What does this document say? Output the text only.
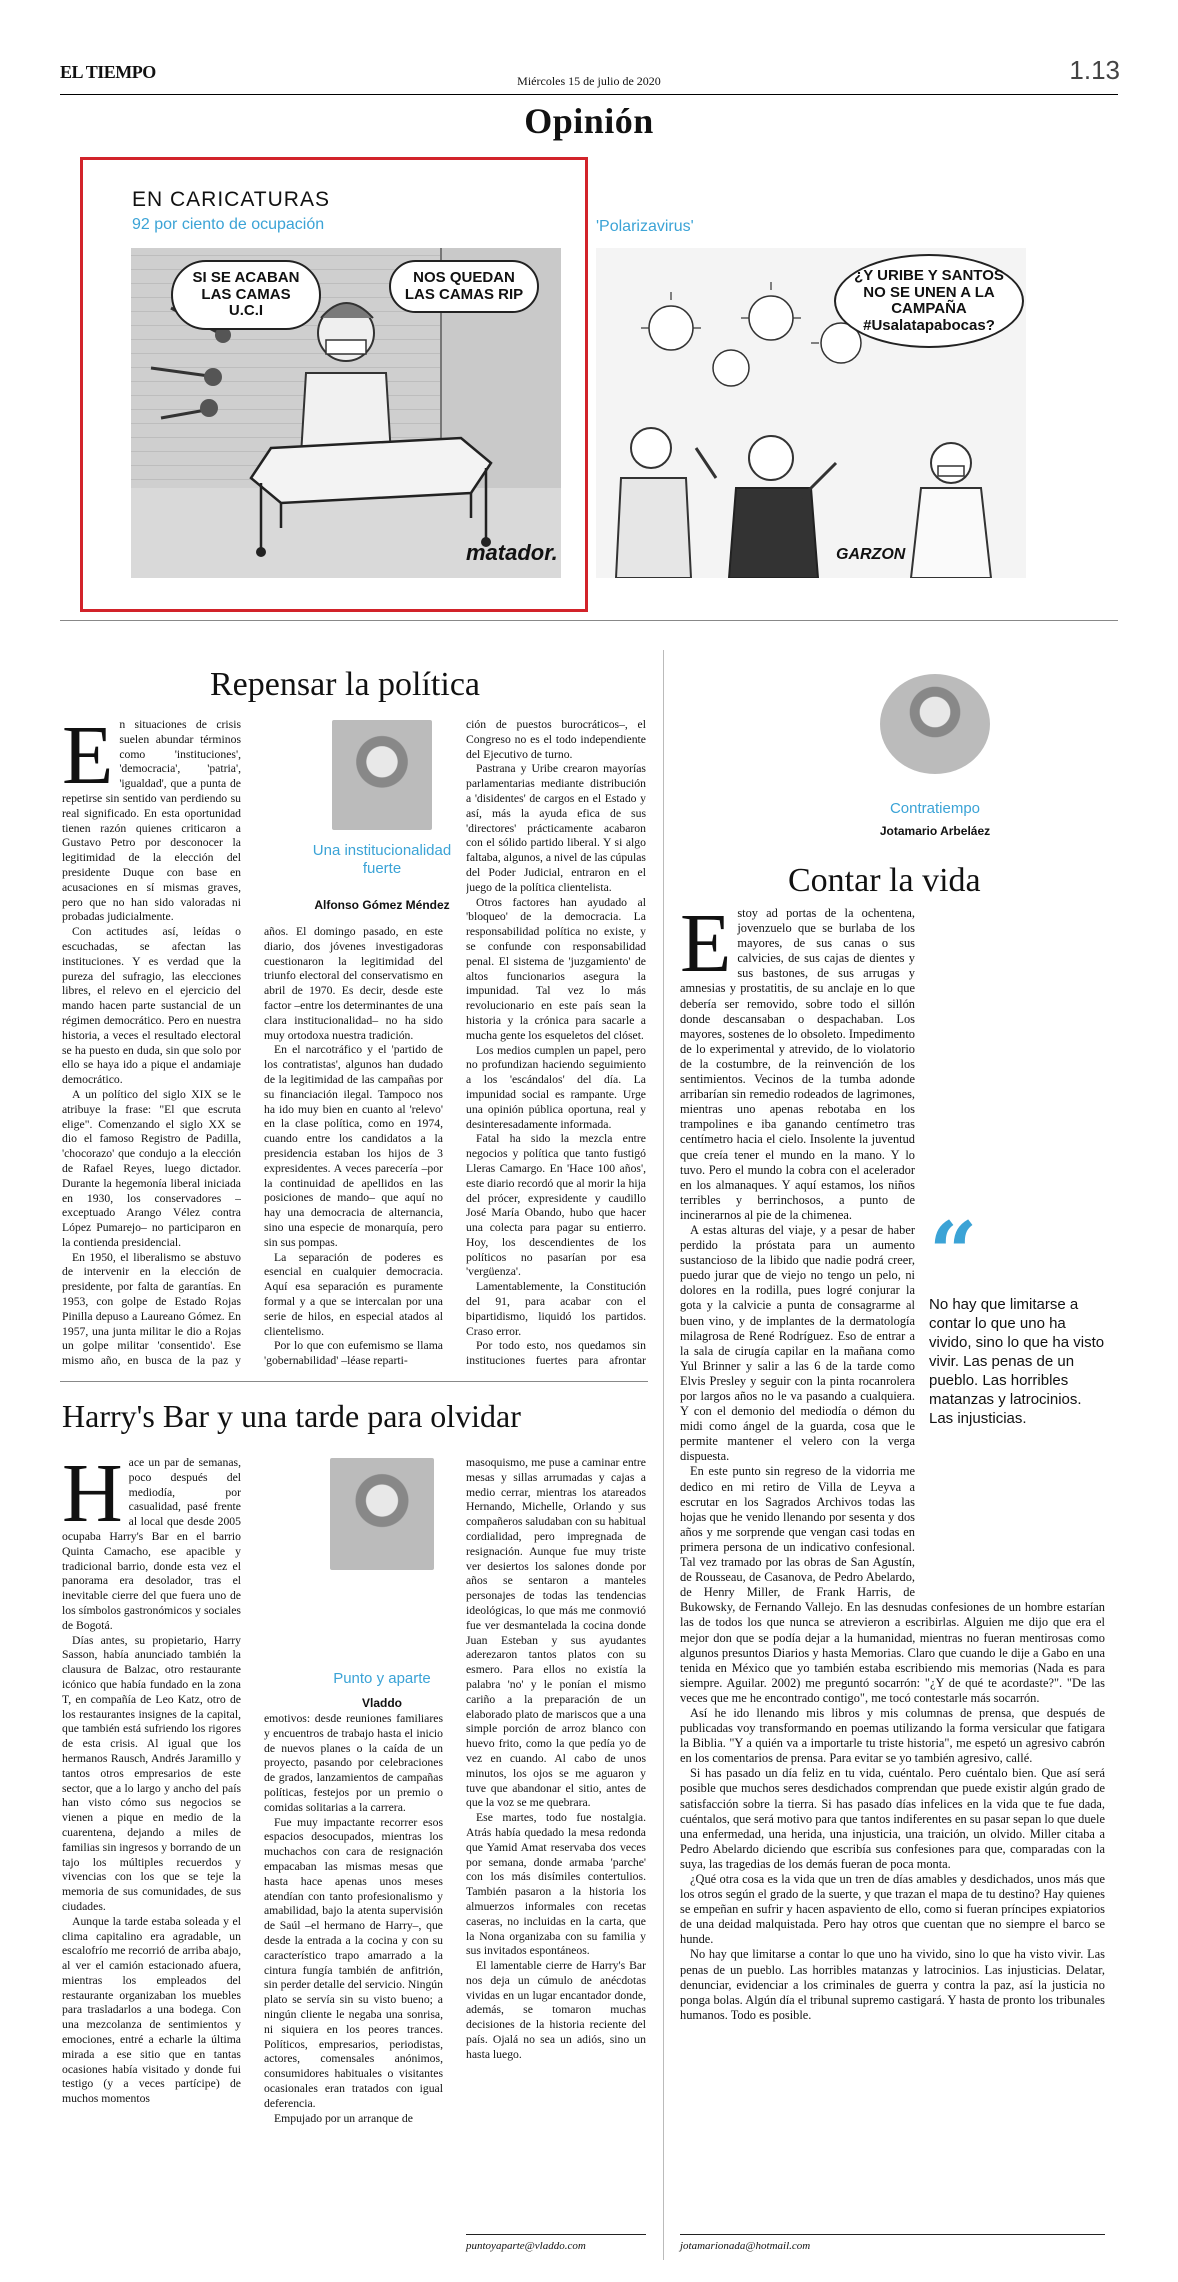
EL TIEMPO	Miércoles 15 de julio de 2020	1.13
Opinión
EN CARICATURAS
92 por ciento de ocupación	'Polarizavirus'
SI SE ACABAN LAS CAMAS U.C.I
NOS QUEDAN LAS CAMAS RIP
matador.
¿Y URIBE Y SANTOS NO SE UNEN A LA CAMPAÑA #Usalatapabocas?
GARZON
Repensar la política

En situaciones de crisis suelen abundar términos como 'instituciones', 'democracia', 'patria', 'igualdad', que a punta de repetirse sin sentido van perdiendo su real significado. En esta oportunidad tienen razón quienes criticaron a Gustavo Petro por desconocer la legitimidad de la elección del presidente Duque con base en acusaciones en sí mismas graves, pero que no han sido valoradas ni probadas judicialmente.

Con actitudes así, leídas o escuchadas, se afectan las instituciones. Y es verdad que la pureza del sufragio, las elecciones libres, el relevo en el ejercicio del mando hacen parte sustancial de un régimen democrático. Pero en nuestra historia, a veces el resultado electoral se ha puesto en duda, sin que solo por ello se haya ido a pique el andamiaje democrático.

A un político del siglo XIX se le atribuye la frase: "El que escruta elige". Comenzando el siglo XX se dio el famoso Registro de Padilla, 'chocorazo' que condujo a la elección de Rafael Reyes, luego dictador. Durante la hegemonía liberal iniciada en 1930, los conservadores –exceptuado Arango Vélez contra López Pumarejo– no participaron en la contienda presidencial.

En 1950, el liberalismo se abstuvo de intervenir en la elección de presidente, por falta de garantías. En 1953, con golpe de Estado Rojas Pinilla depuso a Laureano Gómez. En 1957, una junta militar le dio a Rojas un golpe militar 'consentido'. Ese mismo año, en busca de la paz y

Una institucionalidad fuerte
Alfonso Gómez Méndez

años. El domingo pasado, en este diario, dos jóvenes investigadoras cuestionaron la legitimidad del triunfo electoral del conservatismo en abril de 1970. Es decir, desde este factor –entre los determinantes de una clara institucionalidad– no ha sido muy ortodoxa nuestra tradición.

En el narcotráfico y el 'partido de los contratistas', algunos han dudado de la legitimidad de las campañas por su financiación ilegal. Tampoco nos ha ido muy bien en cuanto al 'relevo' en la clase política, como en 1974, cuando entre los candidatos a la presidencia estaban los hijos de 3 expresidentes. A veces parecería –por la continuidad de apellidos en las posiciones de mando– que aquí no hay una democracia de alternancia, sino una especie de monarquía, pero sin sus pompas.

La separación de poderes es esencial en cualquier democracia. Aquí esa separación es puramente formal y a que se intercalan por una serie de hilos, en especial atados al clientelismo.

Por lo que con eufemismo se llama 'gobernabilidad' –léase reparti-

ción de puestos burocráticos–, el Congreso no es el todo independiente del Ejecutivo de turno.

Pastrana y Uribe crearon mayorías parlamentarias mediante distribución a 'disidentes' de cargos en el Estado y así, más la ayuda efica de sus 'directores' prácticamente acabaron con el sólido partido liberal. Y si algo faltaba, algunos, a nivel de las cúpulas del Poder Judicial, entraron en el juego de la política clientelista.

Otros factores han ayudado al 'bloqueo' de la democracia. La responsabilidad política no existe, y se confunde con responsabilidad penal. El sistema de 'juzgamiento' de altos funcionarios asegura la impunidad. Tal vez lo más revolucionario en este país sean la historia y la crónica para sacarle a mucha gente los esqueletos del clóset.

Los medios cumplen un papel, pero no profundizan haciendo seguimiento a los 'escándalos' del día. La impunidad social es rampante. Urge una opinión pública oportuna, real y desinteresadamente informada.

Fatal ha sido la mezcla entre negocios y política que tanto fustigó Lleras Camargo. En 'Hace 100 años', este diario recordó que al morir la hija del prócer, expresidente y caudillo José María Obando, hubo que hacer una colecta para pagar su entierro. Hoy, los descendientes de los políticos no pasarían por esa 'vergüenza'.

Lamentablemente, la Constitución del 91, para acabar con el bipartidismo, liquidó los partidos. Craso error.

Por todo esto, nos quedamos sin instituciones fuertes para afrontar

Harry's Bar y una tarde para olvidar

Hace un par de semanas, poco después del mediodía, por casualidad, pasé frente al local que desde 2005 ocupaba Harry's Bar en el barrio Quinta Camacho, ese apacible y tradicional barrio, donde esta vez el panorama era desolador, tras el inevitable cierre del que fuera uno de los símbolos gastronómicos y sociales de Bogotá.

Días antes, su propietario, Harry Sasson, había anunciado también la clausura de Balzac, otro restaurante icónico que había fundado en la zona T, en compañía de Leo Katz, otro de los restaurantes insignes de la capital, que también está sufriendo los rigores de esta crisis. Al igual que los hermanos Rausch, Andrés Jaramillo y tantos otros empresarios de este sector, que a lo largo y ancho del país han visto cómo sus negocios se vienen a pique en medio de la cuarentena, dejando a miles de familias sin ingresos y borrando de un tajo los múltiples recuerdos y vivencias con los que se teje la memoria de sus comunidades, de sus ciudades.

Aunque la tarde estaba soleada y el clima capitalino era agradable, un escalofrío me recorrió de arriba abajo, al ver el camión estacionado afuera, mientras los empleados del restaurante organizaban los muebles para trasladarlos a una bodega. Con una mezcolanza de sentimientos y emociones, entré a echarle la última mirada a ese sitio que en tantas ocasiones había visitado y donde fui testigo (y a veces partícipe) de muchos momentos

Punto y aparte
Vladdo

emotivos: desde reuniones familiares y encuentros de trabajo hasta el inicio de nuevos planes o la caída de un proyecto, pasando por celebraciones de grados, lanzamientos de campañas políticas, festejos por un premio o comidas solitarias a la carrera.

Fue muy impactante recorrer esos espacios desocupados, mientras los muchachos con cara de resignación empacaban las mismas mesas que hasta hace apenas unos meses atendían con tanto profesionalismo y amabilidad, bajo la atenta supervisión de Saúl –el hermano de Harry–, que desde la entrada a la cocina y con su característico trapo amarrado a la cintura fungía también de anfitrión, sin perder detalle del servicio. Ningún plato se servía sin su visto bueno; a ningún cliente le negaba una sonrisa, ni siquiera en los peores trances. Políticos, empresarios, periodistas, actores, comensales anónimos, consumidores habituales o visitantes ocasionales eran tratados con igual deferencia.

Empujado por un arranque de

masoquismo, me puse a caminar entre mesas y sillas arrumadas y cajas a medio cerrar, mientras los atareados Hernando, Michelle, Orlando y sus compañeros saludaban con su habitual cordialidad, pero impregnada de resignación. Aunque fue muy triste ver desiertos los salones donde por años se sentaron a manteles personajes de todas las tendencias ideológicas, lo que más me conmovió fue ver desmantelada la cocina donde Juan Esteban y sus ayudantes aderezaron tantos platos con su esmero. Para ellos no existía la palabra 'no' y le ponían el mismo cariño a la preparación de un elaborado plato de mariscos que a una simple porción de arroz blanco con huevo frito, como la que pedía yo de vez en cuando. Al cabo de unos minutos, los ojos se me aguaron y tuve que abandonar el sitio, antes de que la voz se me quebrara.

Ese martes, todo fue nostalgia. Atrás había quedado la mesa redonda que Yamid Amat reservaba dos veces por semana, donde armaba 'parche' con los más disímiles contertulios. También pasaron a la historia los almuerzos informales con recetas caseras, no incluidas en la carta, que la Nona organizaba con su familia y sus invitados espontáneos.

El lamentable cierre de Harry's Bar nos deja un cúmulo de anécdotas vividas en un lugar encantador donde, además, se tomaron muchas decisiones de la historia reciente del país. Ojalá no sea un adiós, sino un hasta luego.

puntoyaparte@vladdo.com
Contratiempo
Jotamario Arbeláez
Contar la vida
“
No hay que limitarse a contar lo que uno ha vivido, sino lo que ha visto vivir. Las penas de un pueblo. Las horribles matanzas y latrocinios. Las injusticias.

Estoy ad portas de la ochentena, jovenzuelo que se burlaba de los mayores, de sus canas o sus calvicies, de sus cajas de dientes y sus bastones, de sus arrugas y amnesias y prostatitis, de su anclaje en lo que debería ser removido, sobre todo el sillón donde descansaban o despachaban. Los mayores, sostenes de lo obsoleto. Impedimento de lo experimental y atrevido, de lo violatorio de la costumbre, de la reinvención de los sentimientos. Vecinos de la tumba adonde arribarían sin remedio rodeados de lagrimones, mientras uno apenas rebotaba en los trampolines e iba ganando centímetro tras centímetro hacia el cielo. Insolente la juventud que creía tener el mundo en la mano. Y lo tuvo. Pero el mundo la cobra con el acelerador en los almanaques. Y aquí estamos, los niños terribles y berrinchosos, a punto de incinerarnos al pie de la chimenea.

A estas alturas del viaje, y a pesar de haber perdido la próstata para un aumento sustancioso de la libido que nadie podrá creer, puedo jurar que de viejo no tengo un pelo, ni dolores en la rodilla, pues logré conjurar la gota y la calvicie a punta de consagrarme al buen vino, y de implantes de la dermatología milagrosa de René Rodríguez. Eso de entrar a la sala de cirugía capilar en la mañana como Yul Brinner y salir a las 6 de la tarde como Elvis Presley y seguir con la pinta rocanrolera por largos años no le va pasando a cualquiera. Y con el demonio del mediodía o démon du midi como ángel de la guarda, cosa que le permite mantener el velero con la verga dispuesta.

En este punto sin regreso de la vidorria me dedico en mi retiro de Villa de Leyva a escrutar en los Sagrados Archivos todas las hojas que he venido llenando por sesenta y dos años y me sorprende que vengan casi todas en primera persona de un indicativo confesional. Tal vez tramado por las obras de San Agustín, de Rousseau, de Casanova, de Pedro Abelardo, de Henry Miller, de Frank Harris, de Bukowsky, de Fernando Vallejo. En las desnudas confesiones de un hombre estarían las de todos los que nunca se atrevieron a escribirlas. Alguien me dijo que era el mejor don que se podía dejar a la humanidad, mientras no fueran mentirosas como algunos presuntos Diarios y hasta Memorias. Claro que cuando le dije a Gabo en una tenida en México que yo también estaba escribiendo mis memorias (Nada es para siempre. Aguilar. 2002) me preguntó socarrón: "¿Y de qué te acordaste?". "De las veces que me he encontrado contigo", me tocó contestarle más socarrón.

Así he ido llenando mis libros y mis columnas de prensa, que después de publicadas voy transformando en poemas utilizando la forma versicular que fatigara la Biblia. "Y a quién va a importarle tu triste historia", me espetó un agresivo cabrón en los comentarios de prensa. Para evitar se yo también agresivo, callé.

Si has pasado un día feliz en tu vida, cuéntalo. Pero cuéntalo bien. Que así será posible que muchos seres desdichados comprendan que puede existir algún grado de satisfacción sobre la tierra. Si has pasado días infelices en la vida que te fue dada, cuéntalos, que será motivo para que tantos indiferentes en su pasar sepan lo que duele una enfermedad, una herida, una injusticia, una traición, un olvido. Miller citaba a Pedro Abelardo diciendo que escribía sus confesiones para que, comparadas con la suya, las tragedias de los demás fueran de poca monta.

¿Qué otra cosa es la vida que un tren de días amables y desdichados, unos más que los otros según el grado de la suerte, y que trazan el mapa de tu destino? Hay quienes se empeñan en sufrir y hacen aspaviento de ello, como si fueran príncipes expiatorios de una deidad malquistada. Pero hay otros que cuentan que no siempre el barco se hunde.

No hay que limitarse a contar lo que uno ha vivido, sino lo que ha visto vivir. Las penas de un pueblo. Las horribles matanzas y latrocinios. Las injusticias. Delatar, denunciar, evidenciar a los criminales de guerra y contra la paz, así la justicia no ponga bolas. Algún día el tribunal supremo castigará. Y hasta de pronto los tribunales humanos. Todo es posible.

jotamarionada@hotmail.com
